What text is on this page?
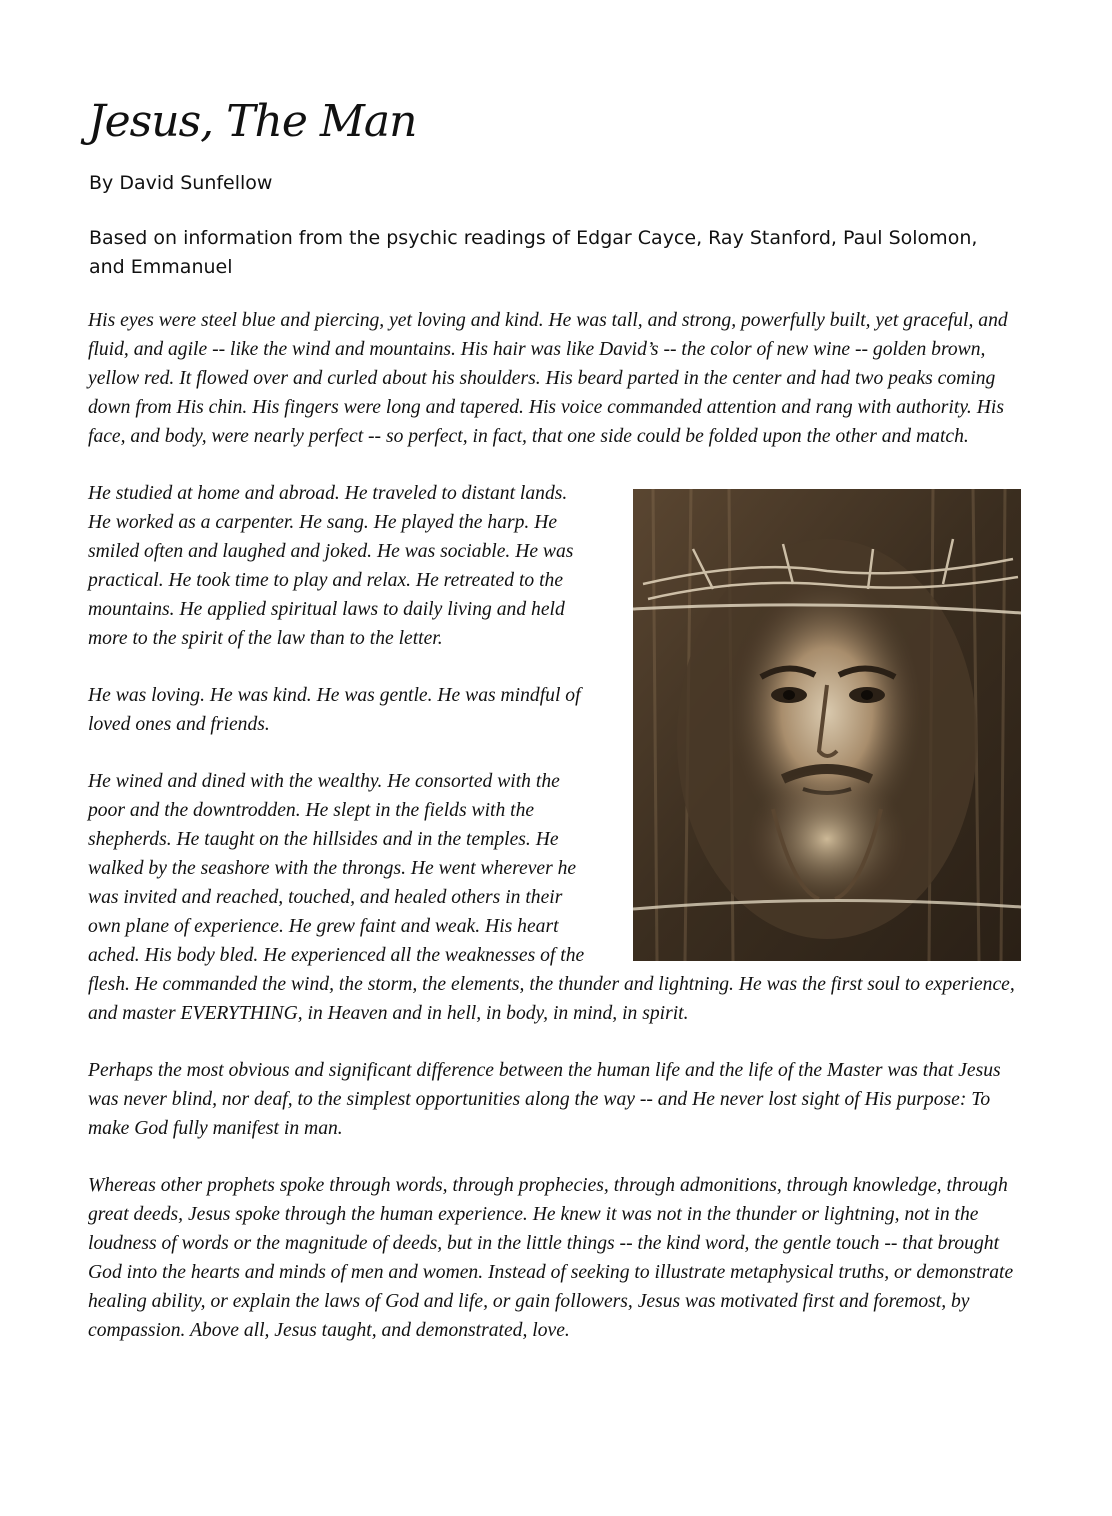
Jesus, The Man
By David Sunfellow
Based on information from the psychic readings of Edgar Cayce, Ray Stanford, Paul Solomon, and Emmanuel

His eyes were steel blue and piercing, yet loving and kind. He was tall, and strong, powerfully built, yet graceful, and fluid, and agile -- like the wind and mountains. His hair was like David’s -- the color of new wine -- golden brown, yellow red. It flowed over and curled about his shoulders. His beard parted in the center and had two peaks coming down from His chin. His fingers were long and tapered. His voice commanded attention and rang with authority. His face, and body, were nearly perfect -- so perfect, in fact, that one side could be folded upon the other and match.

He studied at home and abroad. He traveled to distant lands. He worked as a carpenter. He sang. He played the harp. He smiled often and laughed and joked. He was sociable. He was practical. He took time to play and relax. He retreated to the mountains. He applied spiritual laws to daily living and held more to the spirit of the law than to the letter.

He was loving. He was kind. He was gentle. He was mindful of loved ones and friends.

He wined and dined with the wealthy. He consorted with the poor and the downtrodden. He slept in the fields with the shepherds. He taught on the hillsides and in the temples. He walked by the seashore with the throngs. He went wherever he was invited and reached, touched, and healed others in their own plane of experience. He grew faint and weak. His heart ached. His body bled. He experienced all the weaknesses of the flesh. He commanded the wind, the storm, the elements, the thunder and lightning. He was the first soul to experience, and master EVERYTHING, in Heaven and in hell, in body, in mind, in spirit.

Perhaps the most obvious and significant difference between the human life and the life of the Master was that Jesus was never blind, nor deaf, to the simplest opportunities along the way -- and He never lost sight of His purpose: To make God fully manifest in man.

Whereas other prophets spoke through words, through prophecies, through admonitions, through knowledge, through great deeds, Jesus spoke through the human experience. He knew it was not in the thunder or lightning, not in the loudness of words or the magnitude of deeds, but in the little things -- the kind word, the gentle touch -- that brought God into the hearts and minds of men and women. Instead of seeking to illustrate metaphysical truths, or demonstrate healing ability, or explain the laws of God and life, or gain followers, Jesus was motivated first and foremost, by compassion. Above all, Jesus taught, and demonstrated, love.
